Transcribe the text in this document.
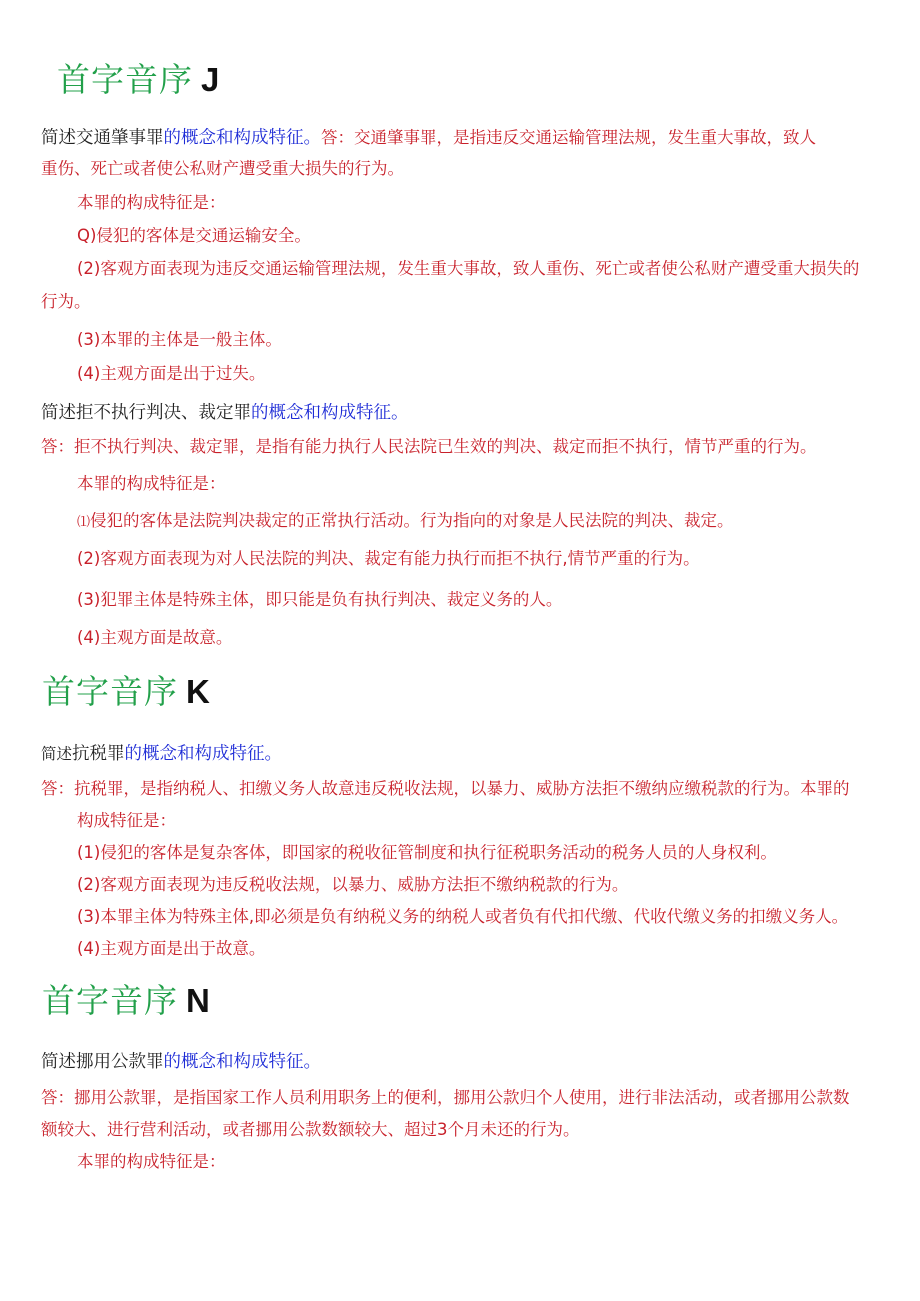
首字音序 J

简述交通肇事罪的概念和构成特征。答：交通肇事罪，是指违反交通运输管理法规，发生重大事故，致人

重伤、死亡或者使公私财产遭受重大损失的行为。

本罪的构成特征是：

Q)侵犯的客体是交通运输安全。

(2)客观方面表现为违反交通运输管理法规，发生重大事故，致人重伤、死亡或者使公私财产遭受重大损失的

行为。

(3)本罪的主体是一般主体。

(4)主观方面是出于过失。

简述拒不执行判决、裁定罪的概念和构成特征。

答：拒不执行判决、裁定罪，是指有能力执行人民法院已生效的判决、裁定而拒不执行，情节严重的行为。

本罪的构成特征是：

⑴侵犯的客体是法院判决裁定的正常执行活动。行为指向的对象是人民法院的判决、裁定。

(2)客观方面表现为对人民法院的判决、裁定有能力执行而拒不执行,情节严重的行为。

(3)犯罪主体是特殊主体，即只能是负有执行判决、裁定义务的人。

(4)主观方面是故意。

首字音序 K

简述抗税罪的概念和构成特征。

答：抗税罪，是指纳税人、扣缴义务人故意违反税收法规，以暴力、威胁方法拒不缴纳应缴税款的行为。本罪的

构成特征是：

(1)侵犯的客体是复杂客体，即国家的税收征管制度和执行征税职务活动的税务人员的人身权利。

(2)客观方面表现为违反税收法规，以暴力、威胁方法拒不缴纳税款的行为。

(3)本罪主体为特殊主体,即必须是负有纳税义务的纳税人或者负有代扣代缴、代收代缴义务的扣缴义务人。

(4)主观方面是出于故意。

首字音序 N

简述挪用公款罪的概念和构成特征。

答：挪用公款罪，是指国家工作人员利用职务上的便利，挪用公款归个人使用，进行非法活动，或者挪用公款数

额较大、进行营利活动，或者挪用公款数额较大、超过3个月未还的行为。

本罪的构成特征是：
